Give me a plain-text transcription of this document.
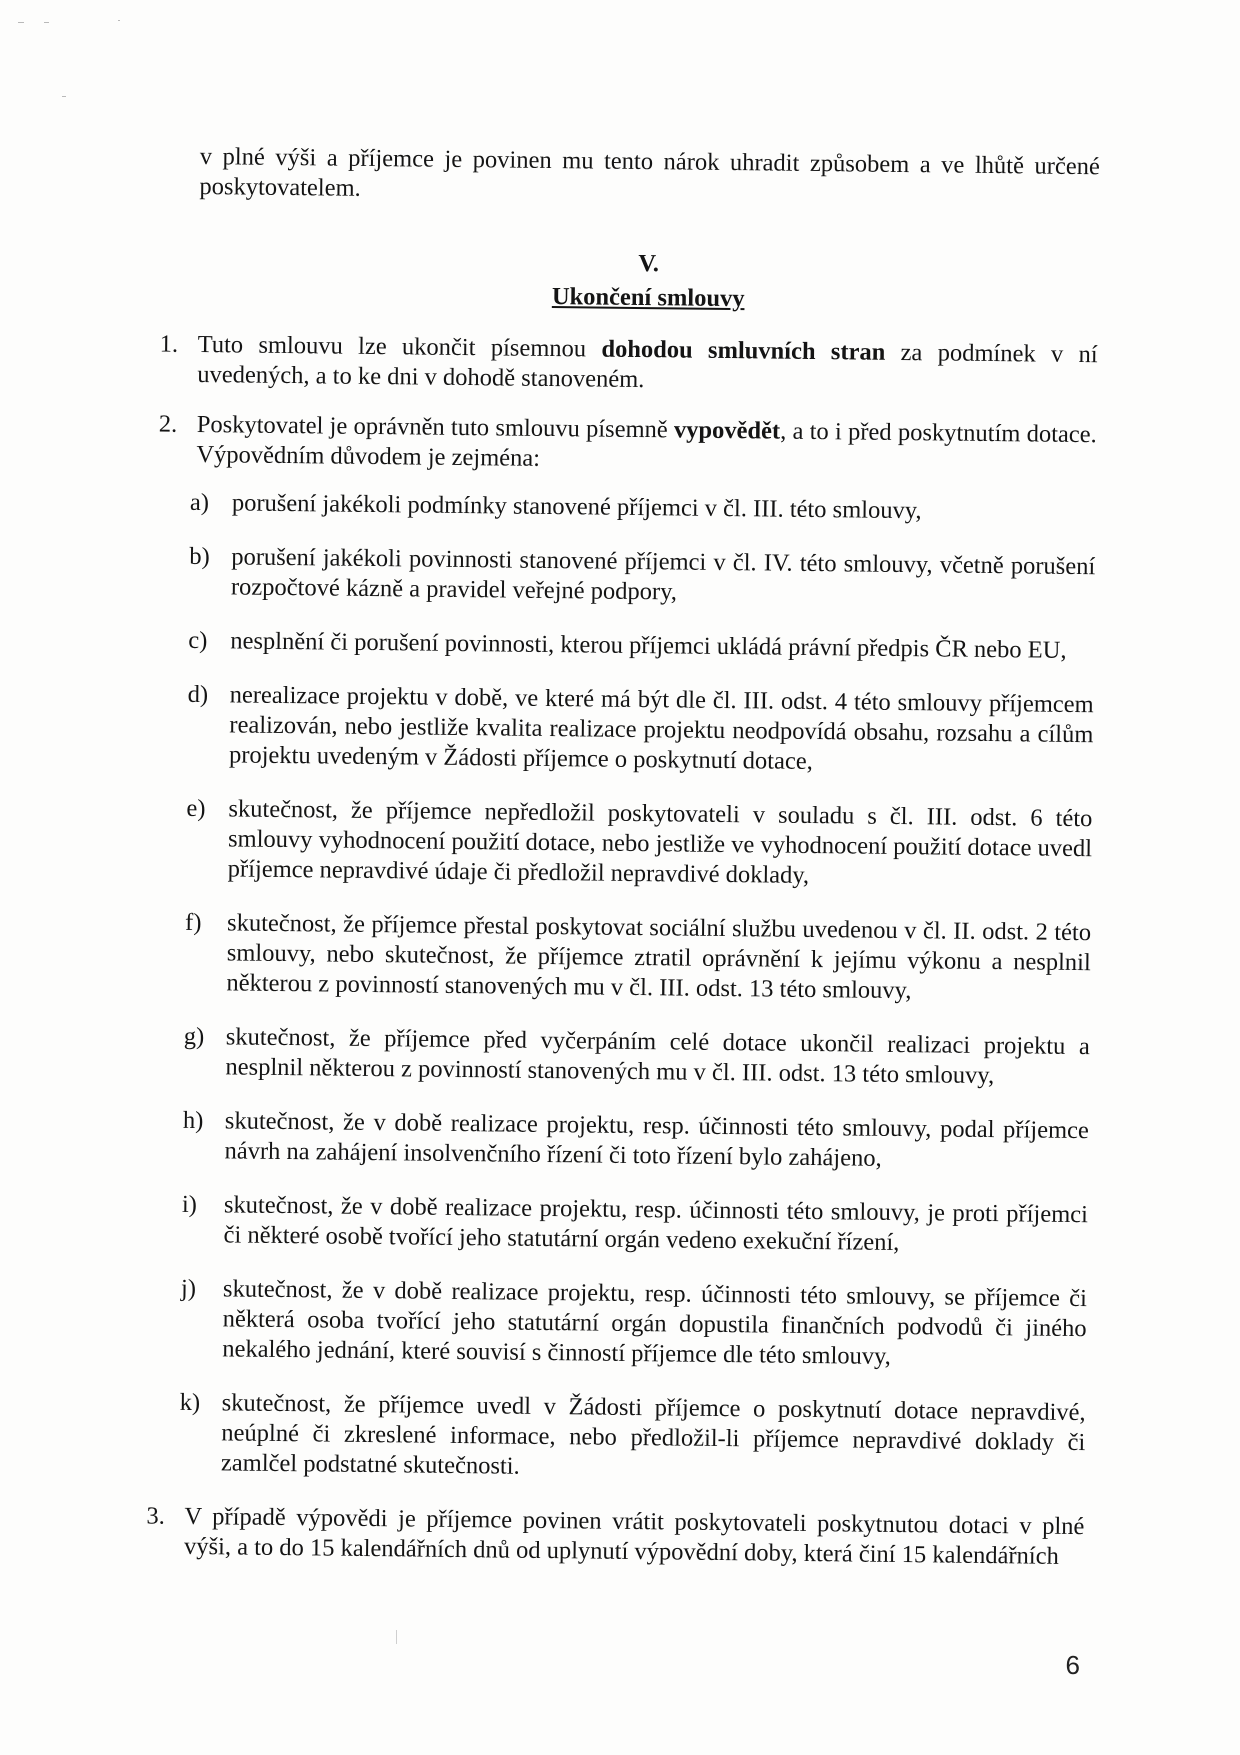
v plné výši a příjemce je povinen mu tento nárok uhradit způsobem a ve lhůtě určené poskytovatelem.

V.
Ukončení smlouvy
1. Tuto smlouvu lze ukončit písemnou dohodou smluvních stran za podmínek v ní uvedených, a to ke dni v dohodě stanoveném.

2. Poskytovatel je oprávněn tuto smlouvu písemně vypovědět, a to i před poskytnutím dotace. Výpovědním důvodem je zejména:

a) porušení jakékoli podmínky stanovené příjemci v čl. III. této smlouvy,
b) porušení jakékoli povinnosti stanovené příjemci v čl. IV. této smlouvy, včetně porušení rozpočtové kázně a pravidel veřejné podpory,
c) nesplnění či porušení povinnosti, kterou příjemci ukládá právní předpis ČR nebo EU,
d) nerealizace projektu v době, ve které má být dle čl. III. odst. 4 této smlouvy příjemcem realizován, nebo jestliže kvalita realizace projektu neodpovídá obsahu, rozsahu a cílům projektu uvedeným v Žádosti příjemce o poskytnutí dotace,
e) skutečnost, že příjemce nepředložil poskytovateli v souladu s čl. III. odst. 6 této smlouvy vyhodnocení použití dotace, nebo jestliže ve vyhodnocení použití dotace uvedl příjemce nepravdivé údaje či předložil nepravdivé doklady,
f) skutečnost, že příjemce přestal poskytovat sociální službu uvedenou v čl. II. odst. 2 této smlouvy, nebo skutečnost, že příjemce ztratil oprávnění k jejímu výkonu a nesplnil některou z povinností stanovených mu v čl. III. odst. 13 této smlouvy,
g) skutečnost, že příjemce před vyčerpáním celé dotace ukončil realizaci projektu a nesplnil některou z povinností stanovených mu v čl. III. odst. 13 této smlouvy,
h) skutečnost, že v době realizace projektu, resp. účinnosti této smlouvy, podal příjemce návrh na zahájení insolvenčního řízení či toto řízení bylo zahájeno,
i) skutečnost, že v době realizace projektu, resp. účinnosti této smlouvy, je proti příjemci či některé osobě tvořící jeho statutární orgán vedeno exekuční řízení,
j) skutečnost, že v době realizace projektu, resp. účinnosti této smlouvy, se příjemce či některá osoba tvořící jeho statutární orgán dopustila finančních podvodů či jiného nekalého jednání, které souvisí s činností příjemce dle této smlouvy,
k) skutečnost, že příjemce uvedl v Žádosti příjemce o poskytnutí dotace nepravdivé, neúplné či zkreslené informace, nebo předložil-li příjemce nepravdivé doklady či zamlčel podstatné skutečnosti.
3. V případě výpovědi je příjemce povinen vrátit poskytovateli poskytnutou dotaci v plné výši, a to do 15 kalendářních dnů od uplynutí výpovědní doby, která činí 15 kalendářních

6
